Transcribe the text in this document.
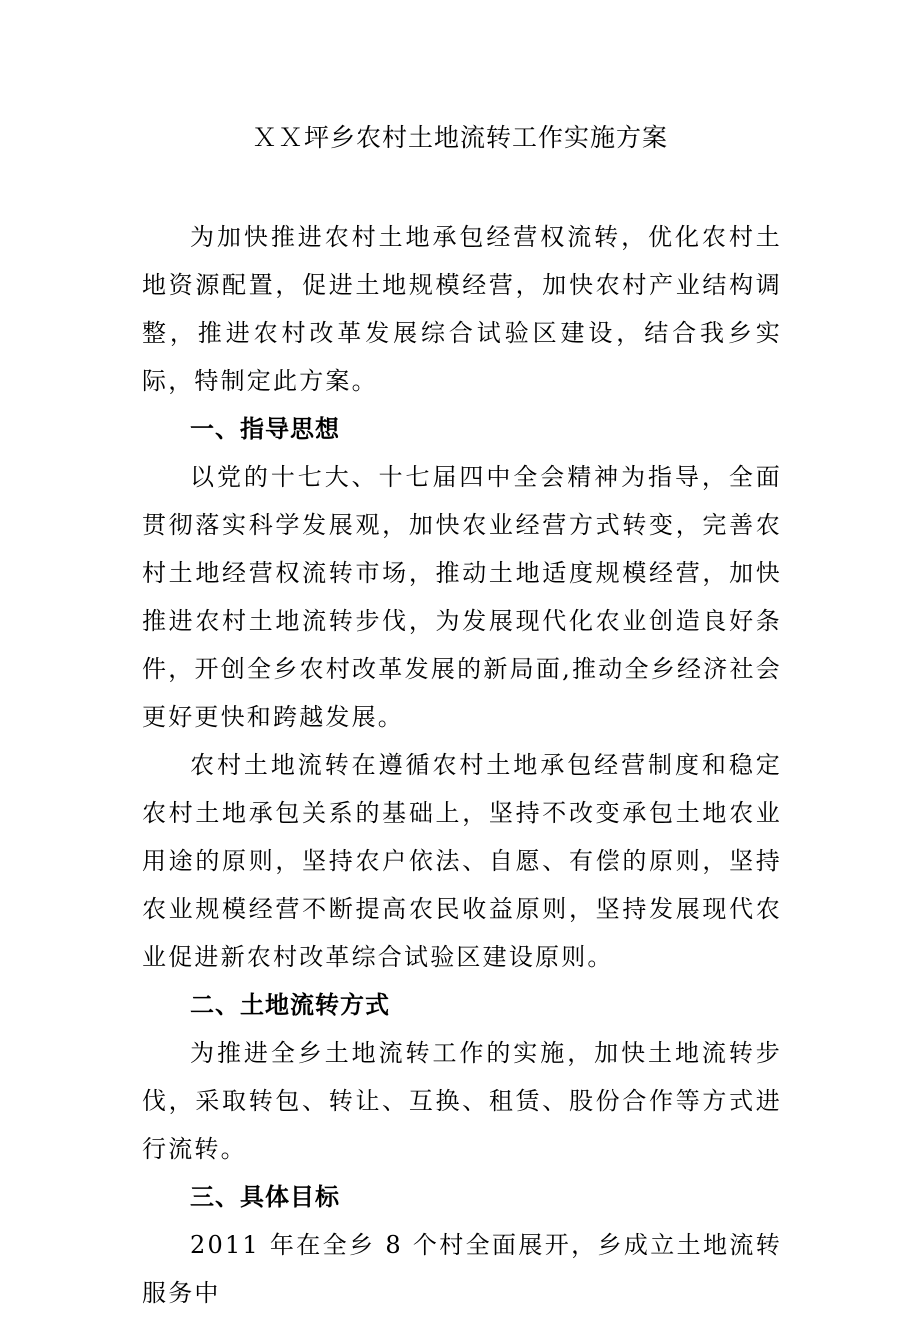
ＸＸ坪乡农村土地流转工作实施方案

为加快推进农村土地承包经营权流转，优化农村土地资源配置，促进土地规模经营，加快农村产业结构调整，推进农村改革发展综合试验区建设，结合我乡实际，特制定此方案。

一、指导思想

以党的十七大、十七届四中全会精神为指导，全面贯彻落实科学发展观，加快农业经营方式转变，完善农村土地经营权流转市场，推动土地适度规模经营，加快推进农村土地流转步伐，为发展现代化农业创造良好条件，开创全乡农村改革发展的新局面,推动全乡经济社会更好更快和跨越发展。

农村土地流转在遵循农村土地承包经营制度和稳定农村土地承包关系的基础上，坚持不改变承包土地农业用途的原则，坚持农户依法、自愿、有偿的原则，坚持农业规模经营不断提高农民收益原则，坚持发展现代农业促进新农村改革综合试验区建设原则。

二、土地流转方式

为推进全乡土地流转工作的实施，加快土地流转步伐，采取转包、转让、互换、租赁、股份合作等方式进行流转。

三、具体目标

2011 年在全乡 8 个村全面展开，乡成立土地流转服务中
